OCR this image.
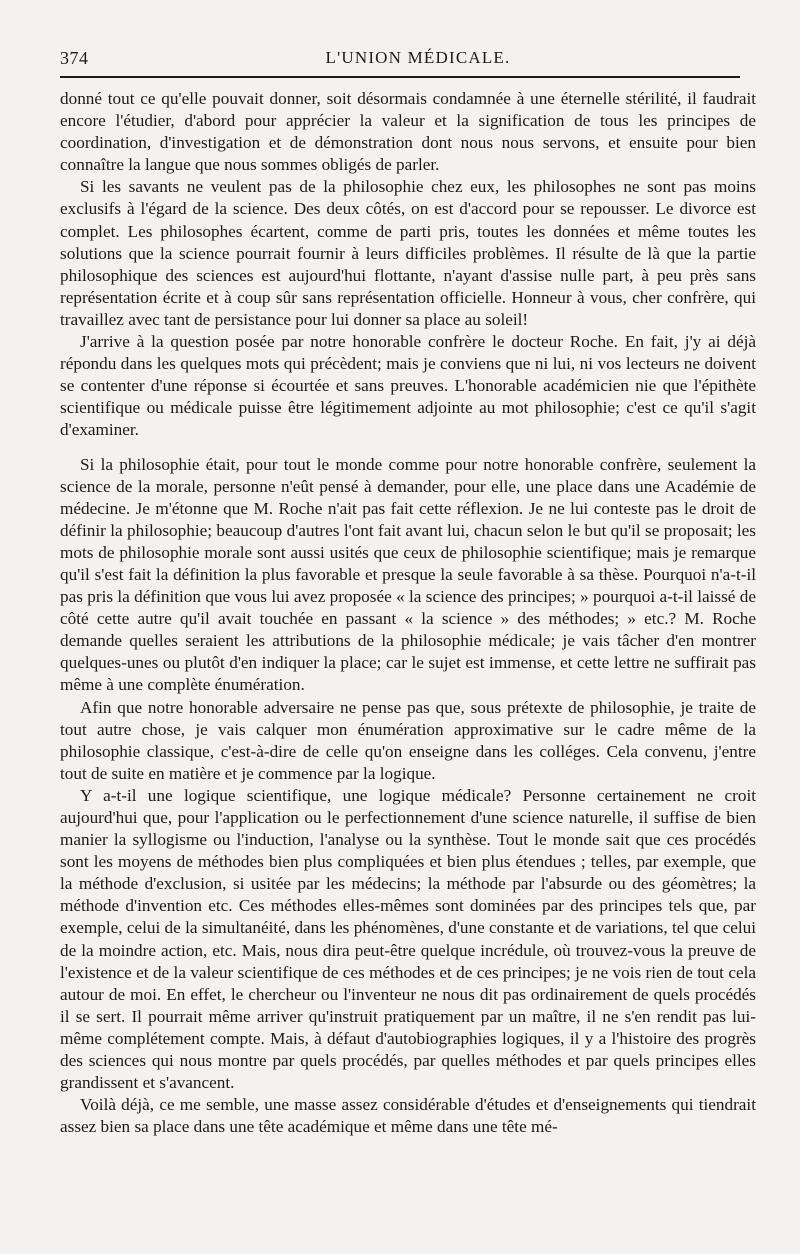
374	L'UNION MÉDICALE.

donné tout ce qu'elle pouvait donner, soit désormais condamnée à une éternelle stérilité, il faudrait encore l'étudier, d'abord pour apprécier la valeur et la signification de tous les principes de coordination, d'investigation et de démonstration dont nous nous servons, et ensuite pour bien connaître la langue que nous sommes obligés de parler.

Si les savants ne veulent pas de la philosophie chez eux, les philosophes ne sont pas moins exclusifs à l'égard de la science. Des deux côtés, on est d'accord pour se repousser. Le divorce est complet. Les philosophes écartent, comme de parti pris, toutes les données et même toutes les solutions que la science pourrait fournir à leurs difficiles problèmes. Il résulte de là que la partie philosophique des sciences est aujourd'hui flottante, n'ayant d'assise nulle part, à peu près sans représentation écrite et à coup sûr sans représentation officielle. Honneur à vous, cher confrère, qui travaillez avec tant de persistance pour lui donner sa place au soleil!

J'arrive à la question posée par notre honorable confrère le docteur Roche. En fait, j'y ai déjà répondu dans les quelques mots qui précèdent; mais je conviens que ni lui, ni vos lecteurs ne doivent se contenter d'une réponse si écourtée et sans preuves. L'honorable académicien nie que l'épithète scientifique ou médicale puisse être légitimement adjointe au mot philosophie; c'est ce qu'il s'agit d'examiner.

Si la philosophie était, pour tout le monde comme pour notre honorable confrère, seulement la science de la morale, personne n'eût pensé à demander, pour elle, une place dans une Académie de médecine. Je m'étonne que M. Roche n'ait pas fait cette réflexion. Je ne lui conteste pas le droit de définir la philosophie; beaucoup d'autres l'ont fait avant lui, chacun selon le but qu'il se proposait; les mots de philosophie morale sont aussi usités que ceux de philosophie scientifique; mais je remarque qu'il s'est fait la définition la plus favorable et presque la seule favorable à sa thèse. Pourquoi n'a-t-il pas pris la définition que vous lui avez proposée « la science des principes; » pourquoi a-t-il laissé de côté cette autre qu'il avait touchée en passant « la science » des méthodes; » etc.? M. Roche demande quelles seraient les attributions de la philosophie médicale; je vais tâcher d'en montrer quelques-unes ou plutôt d'en indiquer la place; car le sujet est immense, et cette lettre ne suffirait pas même à une complète énumération.

Afin que notre honorable adversaire ne pense pas que, sous prétexte de philosophie, je traite de tout autre chose, je vais calquer mon énumération approximative sur le cadre même de la philosophie classique, c'est-à-dire de celle qu'on enseigne dans les colléges. Cela convenu, j'entre tout de suite en matière et je commence par la logique.

Y a-t-il une logique scientifique, une logique médicale? Personne certainement ne croit aujourd'hui que, pour l'application ou le perfectionnement d'une science naturelle, il suffise de bien manier la syllogisme ou l'induction, l'analyse ou la synthèse. Tout le monde sait que ces procédés sont les moyens de méthodes bien plus compliquées et bien plus étendues ; telles, par exemple, que la méthode d'exclusion, si usitée par les médecins; la méthode par l'absurde ou des géomètres; la méthode d'invention etc. Ces méthodes elles-mêmes sont dominées par des principes tels que, par exemple, celui de la simultanéité, dans les phénomènes, d'une constante et de variations, tel que celui de la moindre action, etc. Mais, nous dira peut-être quelque incrédule, où trouvez-vous la preuve de l'existence et de la valeur scientifique de ces méthodes et de ces principes; je ne vois rien de tout cela autour de moi. En effet, le chercheur ou l'inventeur ne nous dit pas ordinairement de quels procédés il se sert. Il pourrait même arriver qu'instruit pratiquement par un maître, il ne s'en rendit pas lui-même complétement compte. Mais, à défaut d'autobiographies logiques, il y a l'histoire des progrès des sciences qui nous montre par quels procédés, par quelles méthodes et par quels principes elles grandissent et s'avancent.

Voilà déjà, ce me semble, une masse assez considérable d'études et d'enseignements qui tiendrait assez bien sa place dans une tête académique et même dans une tête mé-
